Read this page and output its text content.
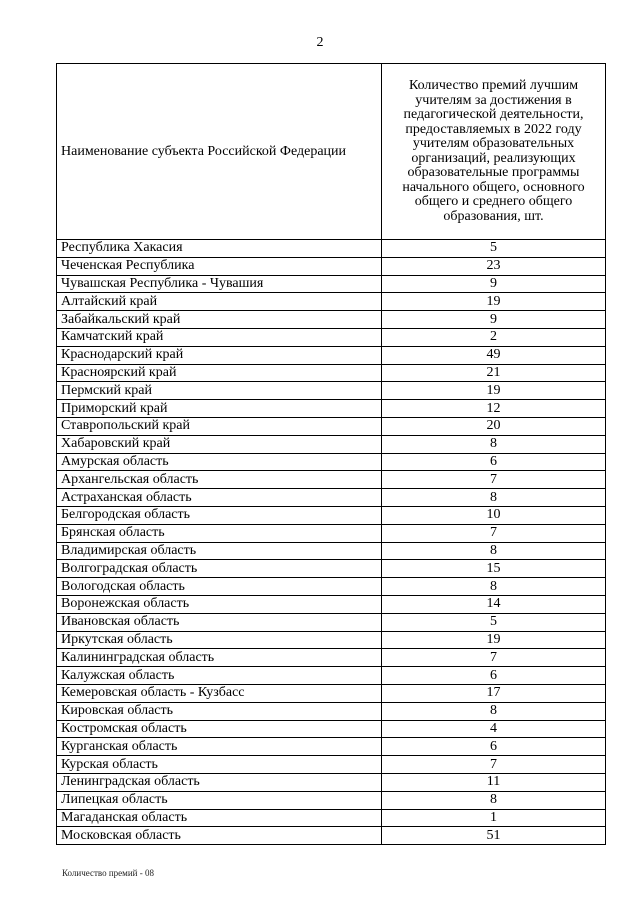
2
Наименование субъекта Российской Федерации	Количество премий лучшим учителям за достижения в педагогической деятельности, предоставляемых в 2022 году учителям образовательных организаций, реализующих образовательные программы начального общего, основного общего и среднего общего образования, шт.
Республика Хакасия	5
Чеченская Республика	23
Чувашская Республика - Чувашия	9
Алтайский край	19
Забайкальский край	9
Камчатский край	2
Краснодарский край	49
Красноярский край	21
Пермский край	19
Приморский край	12
Ставропольский край	20
Хабаровский край	8
Амурская область	6
Архангельская область	7
Астраханская область	8
Белгородская область	10
Брянская область	7
Владимирская область	8
Волгоградская область	15
Вологодская область	8
Воронежская область	14
Ивановская область	5
Иркутская область	19
Калининградская область	7
Калужская область	6
Кемеровская область - Кузбасс	17
Кировская область	8
Костромская область	4
Курганская область	6
Курская область	7
Ленинградская область	11
Липецкая область	8
Магаданская область	1
Московская область	51
Количество премий - 08
